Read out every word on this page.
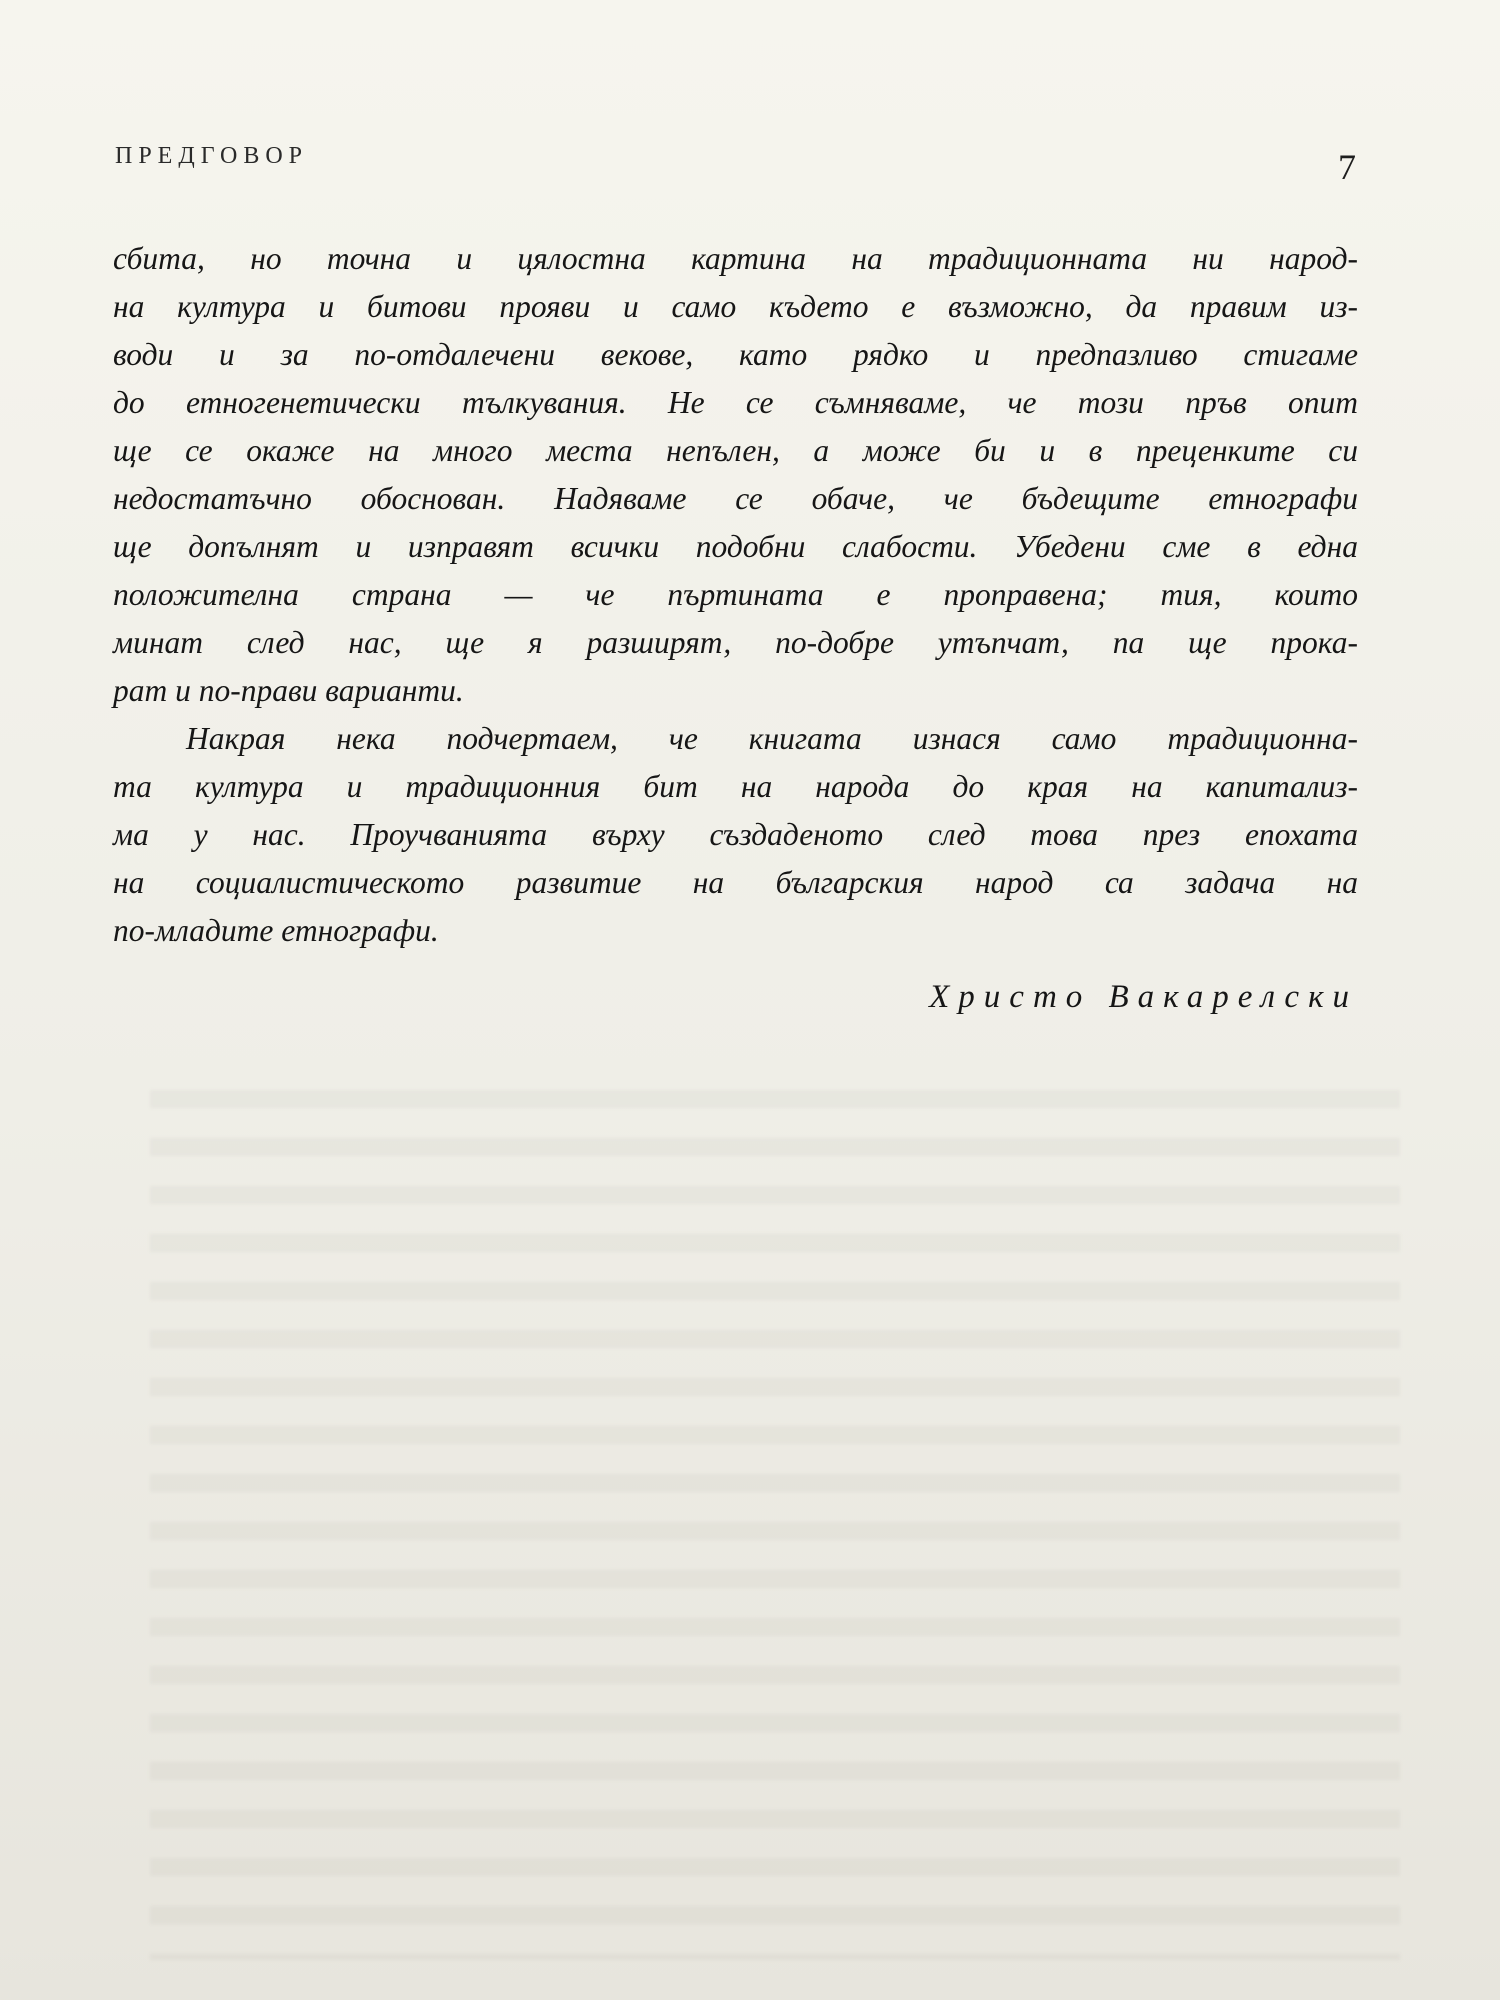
ПРЕДГОВОР	7
сбита, но точна и цялостна картина на традиционната ни народ-
на култура и битови прояви и само където е възможно, да правим из-
води и за по-отдалечени векове, като рядко и предпазливо стигаме
до етногенетически тълкувания. Не се съмняваме, че този пръв опит
ще се окаже на много места непълен, а може би и в преценките си
недостатъчно обоснован. Надяваме се обаче, че бъдещите етнографи
ще допълнят и изправят всички подобни слабости. Убедени сме в една
положителна страна — че пъртината е проправена; тия, които
минат след нас, ще я разширят, по-добре утъпчат, па ще прока-
рат и по-прави варианти.
Накрая нека подчертаем, че книгата изнася само традиционна-
та култура и традиционния бит на народа до края на капитализ-
ма у нас. Проучванията върху създаденото след това през епохата
на социалистическото развитие на българския народ са задача на
по-младите етнографи.
Христо Вакарелски
